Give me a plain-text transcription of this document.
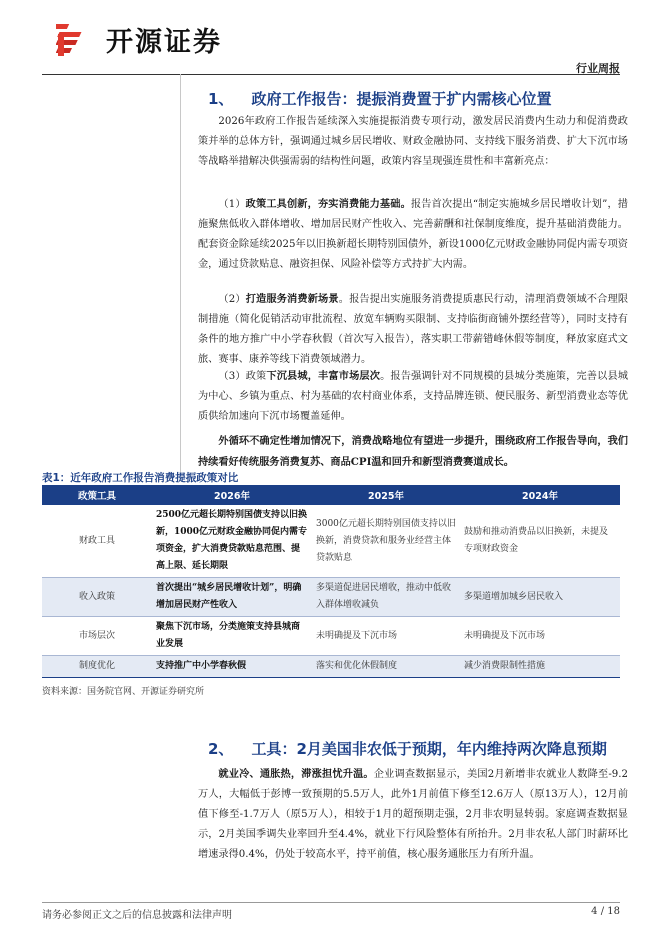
开源证券
行业周报
1、 政府工作报告：提振消费置于扩内需核心位置

2026年政府工作报告延续深入实施提振消费专项行动，激发居民消费内生动力和促消费政策并举的总体方针，强调通过城乡居民增收、财政金融协同、支持线下服务消费、扩大下沉市场等战略举措解决供强需弱的结构性问题，政策内容呈现强连贯性和丰富新亮点：

（1）政策工具创新，夯实消费能力基础。报告首次提出“制定实施城乡居民增收计划”，措施聚焦低收入群体增收、增加居民财产性收入、完善薪酬和社保制度维度，提升基础消费能力。配套资金除延续2025年以旧换新超长期特别国债外，新设1000亿元财政金融协同促内需专项资金，通过贷款贴息、融资担保、风险补偿等方式持扩大内需。

（2）打造服务消费新场景。报告提出实施服务消费提质惠民行动，清理消费领域不合理限制措施（简化促销活动审批流程、放宽车辆购买限制、支持临街商铺外摆经营等），同时支持有条件的地方推广中小学春秋假（首次写入报告），落实职工带薪错峰休假等制度，释放家庭式文旅、赛事、康养等线下消费领域潜力。

（3）政策下沉县城，丰富市场层次。报告强调针对不同规模的县城分类施策，完善以县城为中心、乡镇为重点、村为基础的农村商业体系，支持品牌连锁、便民服务、新型消费业态等优质供给加速向下沉市场覆盖延伸。

外循环不确定性增加情况下，消费战略地位有望进一步提升，围绕政府工作报告导向，我们持续看好传统服务消费复苏、商品CPI温和回升和新型消费赛道成长。

表1：近年政府工作报告消费提振政策对比
政策工具	2026年	2025年	2024年
财政工具	2500亿元超长期特别国债支持以旧换新，1000亿元财政金融协同促内需专项资金，扩大消费贷款贴息范围、提高上限、延长期限	3000亿元超长期特别国债支持以旧换新，消费贷款和服务业经营主体贷款贴息	鼓励和推动消费品以旧换新，未提及专项财政资金
收入政策	首次提出“城乡居民增收计划”，明确增加居民财产性收入	多渠道促进居民增收，推动中低收入群体增收减负	多渠道增加城乡居民收入
市场层次	聚焦下沉市场，分类施策支持县城商业发展	未明确提及下沉市场	未明确提及下沉市场
制度优化	支持推广中小学春秋假	落实和优化休假制度	减少消费限制性措施
资料来源：国务院官网、开源证券研究所
2、 工具：2月美国非农低于预期，年内维持两次降息预期

就业冷、通胀热，滞涨担忧升温。企业调查数据显示，美国2月新增非农就业人数降至-9.2万人，大幅低于彭博一致预期的5.5万人，此外1月前值下修至12.6万人（原13万人），12月前值下修至-1.7万人（原5万人），相较于1月的超预期走强，2月非农明显转弱。家庭调查数据显示，2月美国季调失业率回升至4.4%，就业下行风险整体有所抬升。2月非农私人部门时薪环比增速录得0.4%，仍处于较高水平，持平前值，核心服务通胀压力有所升温。

请务必参阅正文之后的信息披露和法律声明	4 / 18
